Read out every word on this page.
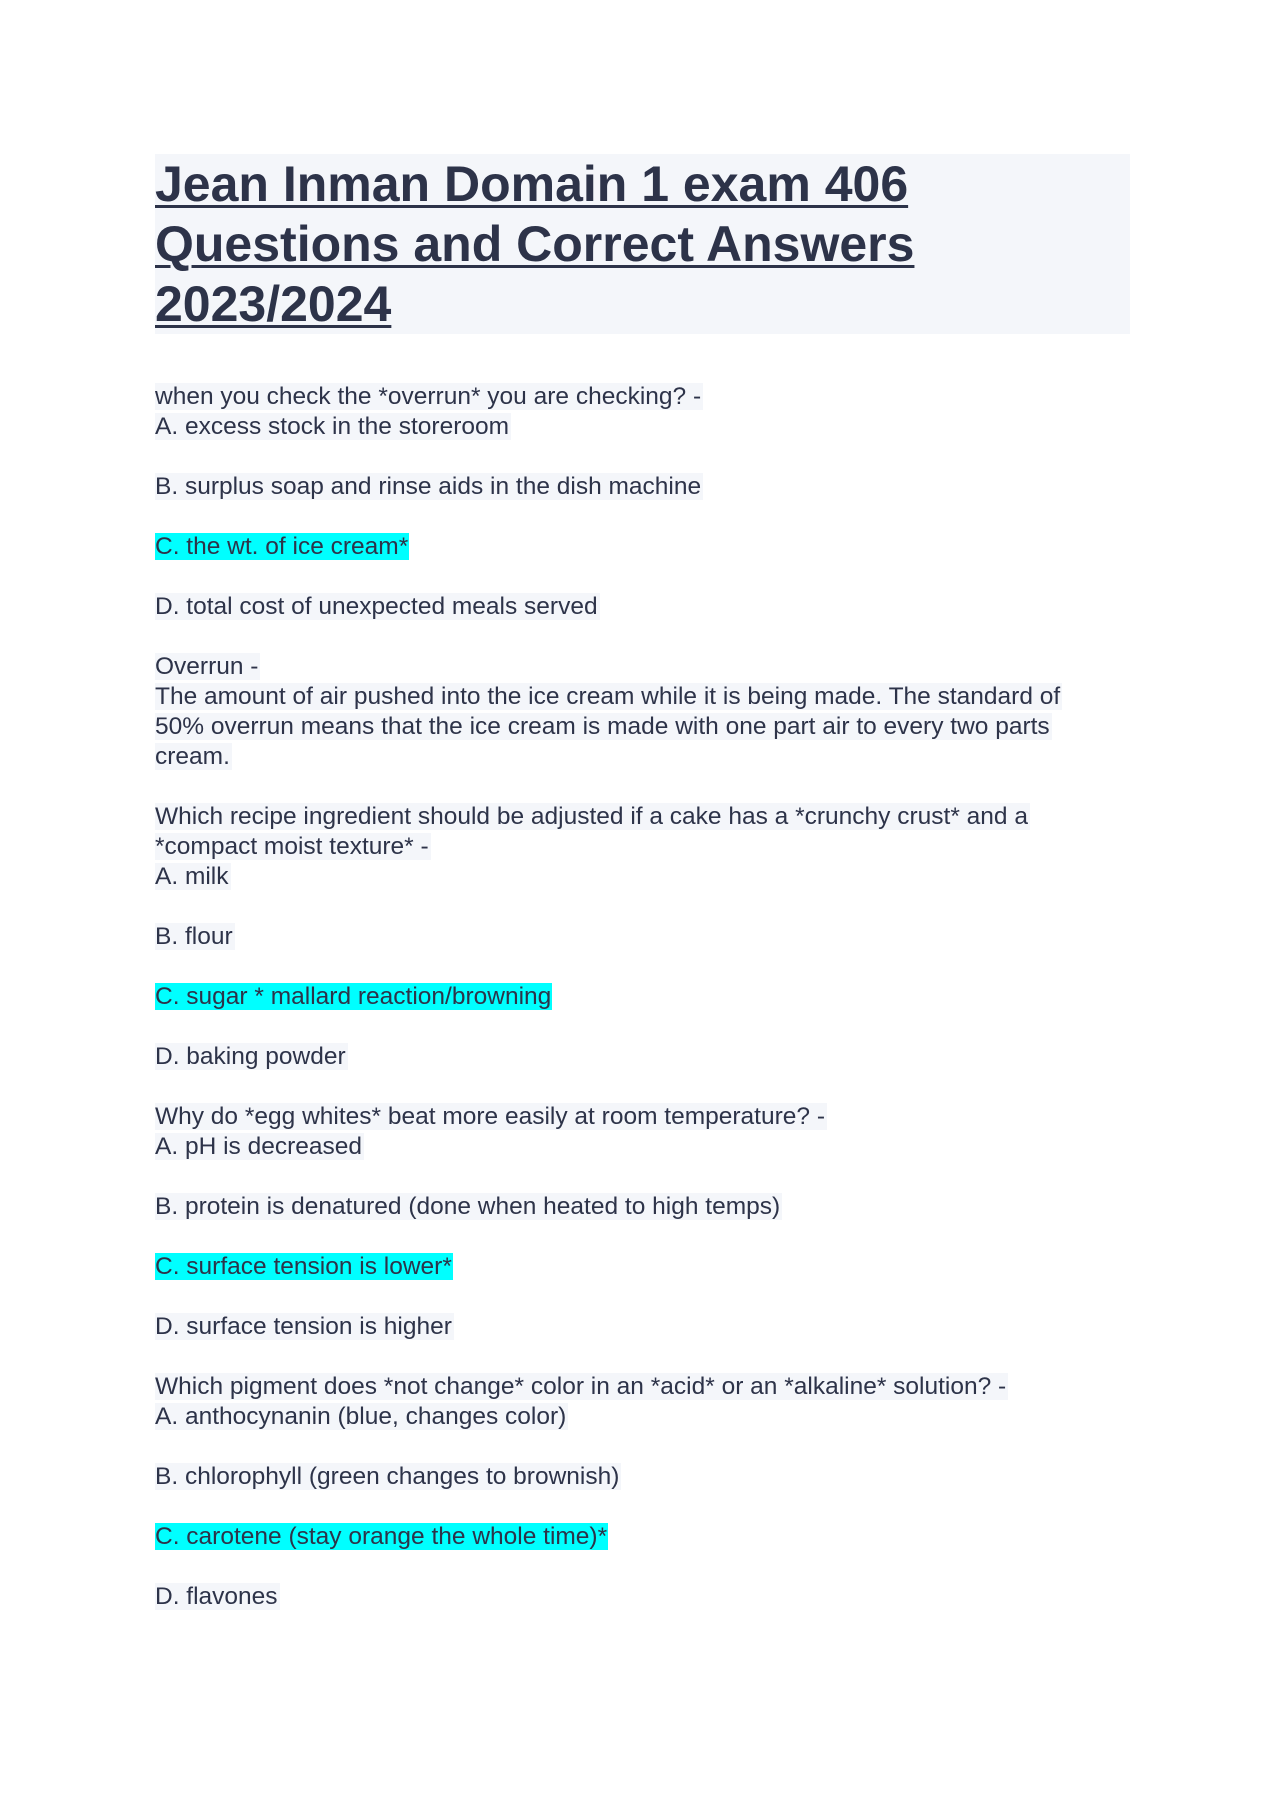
Jean Inman Domain 1 exam 406
Questions and Correct Answers
2023/2024
when you check the *overrun* you are checking? -
A. excess stock in the storeroom
B. surplus soap and rinse aids in the dish machine
C. the wt. of ice cream*
D. total cost of unexpected meals served
Overrun -
The amount of air pushed into the ice cream while it is being made. The standard of
50% overrun means that the ice cream is made with one part air to every two parts
cream.
Which recipe ingredient should be adjusted if a cake has a *crunchy crust* and a
*compact moist texture* -
A. milk
B. flour
C. sugar * mallard reaction/browning
D. baking powder
Why do *egg whites* beat more easily at room temperature? -
A. pH is decreased
B. protein is denatured (done when heated to high temps)
C. surface tension is lower*
D. surface tension is higher
Which pigment does *not change* color in an *acid* or an *alkaline* solution? -
A. anthocynanin (blue, changes color)
B. chlorophyll (green changes to brownish)
C. carotene (stay orange the whole time)*
D. flavones
